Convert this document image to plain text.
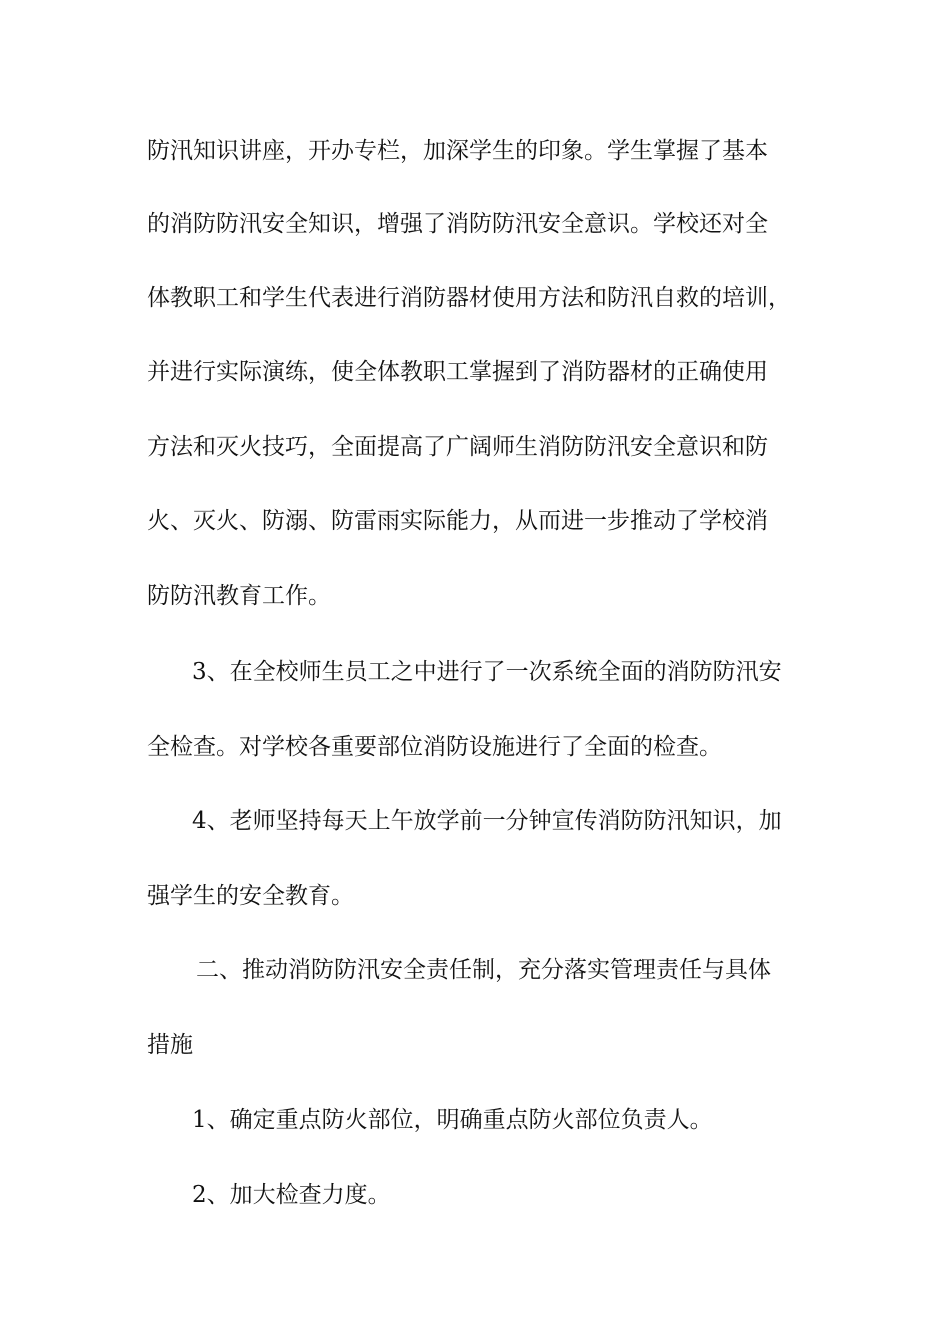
防汛知识讲座，开办专栏，加深学生的印象。学生掌握了基本
的消防防汛安全知识，增强了消防防汛安全意识。学校还对全
体教职工和学生代表进行消防器材使用方法和防汛自救的培训，
并进行实际演练，使全体教职工掌握到了消防器材的正确使用
方法和灭火技巧，全面提高了广阔师生消防防汛安全意识和防
火、灭火、防溺、防雷雨实际能力，从而进一步推动了学校消
防防汛教育工作。
3、在全校师生员工之中进行了一次系统全面的消防防汛安
全检查。对学校各重要部位消防设施进行了全面的检查。
4、老师坚持每天上午放学前一分钟宣传消防防汛知识，加
强学生的安全教育。
二、推动消防防汛安全责任制，充分落实管理责任与具体
措施
1、确定重点防火部位，明确重点防火部位负责人。
2、加大检查力度。
